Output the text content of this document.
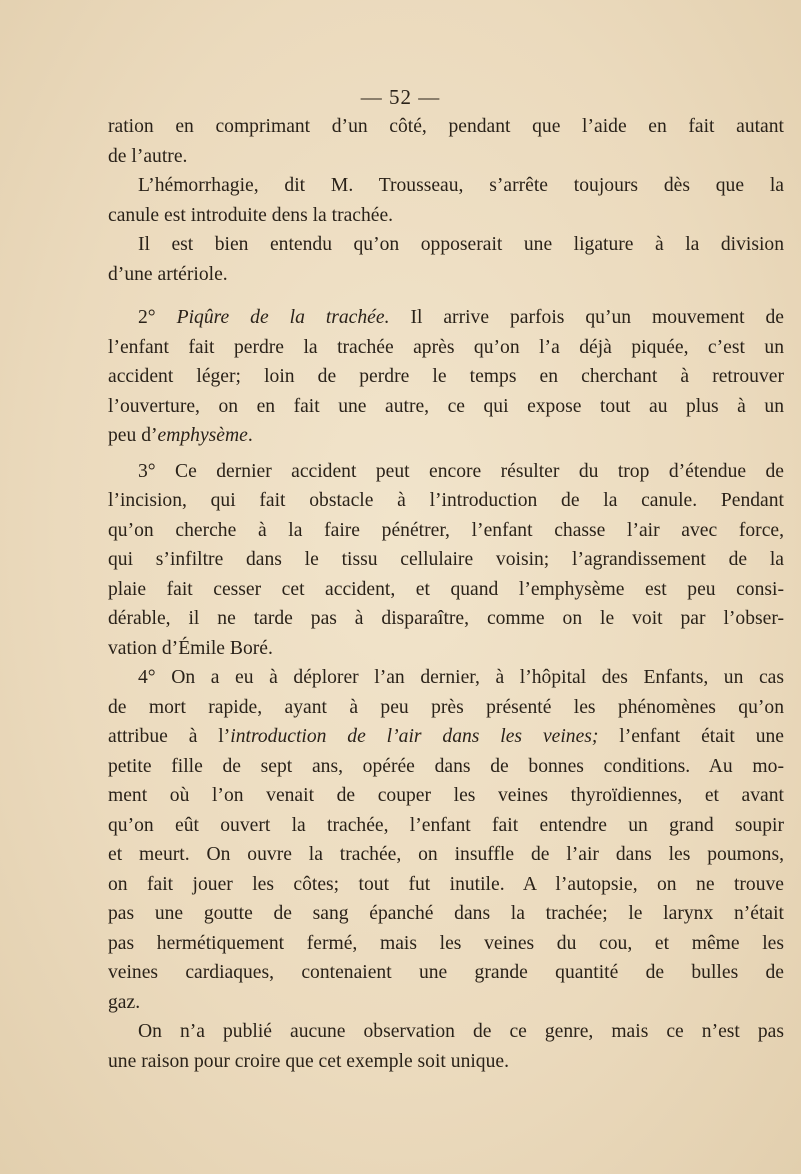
— 52 —
ration en comprimant d’un côté, pendant que l’aide en fait autant
de l’autre.
L’hémorrhagie, dit M. Trousseau, s’arrête toujours dès que la
canule est introduite dens la trachée.
Il est bien entendu qu’on opposerait une ligature à la division
d’une artériole.
2° Piqûre de la trachée. Il arrive parfois qu’un mouvement de
l’enfant fait perdre la trachée après qu’on l’a déjà piquée, c’est un
accident léger; loin de perdre le temps en cherchant à retrouver
l’ouverture, on en fait une autre, ce qui expose tout au plus à un
peu d’emphysème.
3° Ce dernier accident peut encore résulter du trop d’étendue de
l’incision, qui fait obstacle à l’introduction de la canule. Pendant
qu’on cherche à la faire pénétrer, l’enfant chasse l’air avec force,
qui s’infiltre dans le tissu cellulaire voisin; l’agrandissement de la
plaie fait cesser cet accident, et quand l’emphysème est peu consi-
dérable, il ne tarde pas à disparaître, comme on le voit par l’obser-
vation d’Émile Boré.
4° On a eu à déplorer l’an dernier, à l’hôpital des Enfants, un cas
de mort rapide, ayant à peu près présenté les phénomènes qu’on
attribue à l’introduction de l’air dans les veines; l’enfant était une
petite fille de sept ans, opérée dans de bonnes conditions. Au mo-
ment où l’on venait de couper les veines thyroïdiennes, et avant
qu’on eût ouvert la trachée, l’enfant fait entendre un grand soupir
et meurt. On ouvre la trachée, on insuffle de l’air dans les poumons,
on fait jouer les côtes; tout fut inutile. A l’autopsie, on ne trouve
pas une goutte de sang épanché dans la trachée; le larynx n’était
pas hermétiquement fermé, mais les veines du cou, et même les
veines cardiaques, contenaient une grande quantité de bulles de
gaz.
On n’a publié aucune observation de ce genre, mais ce n’est pas
une raison pour croire que cet exemple soit unique.
